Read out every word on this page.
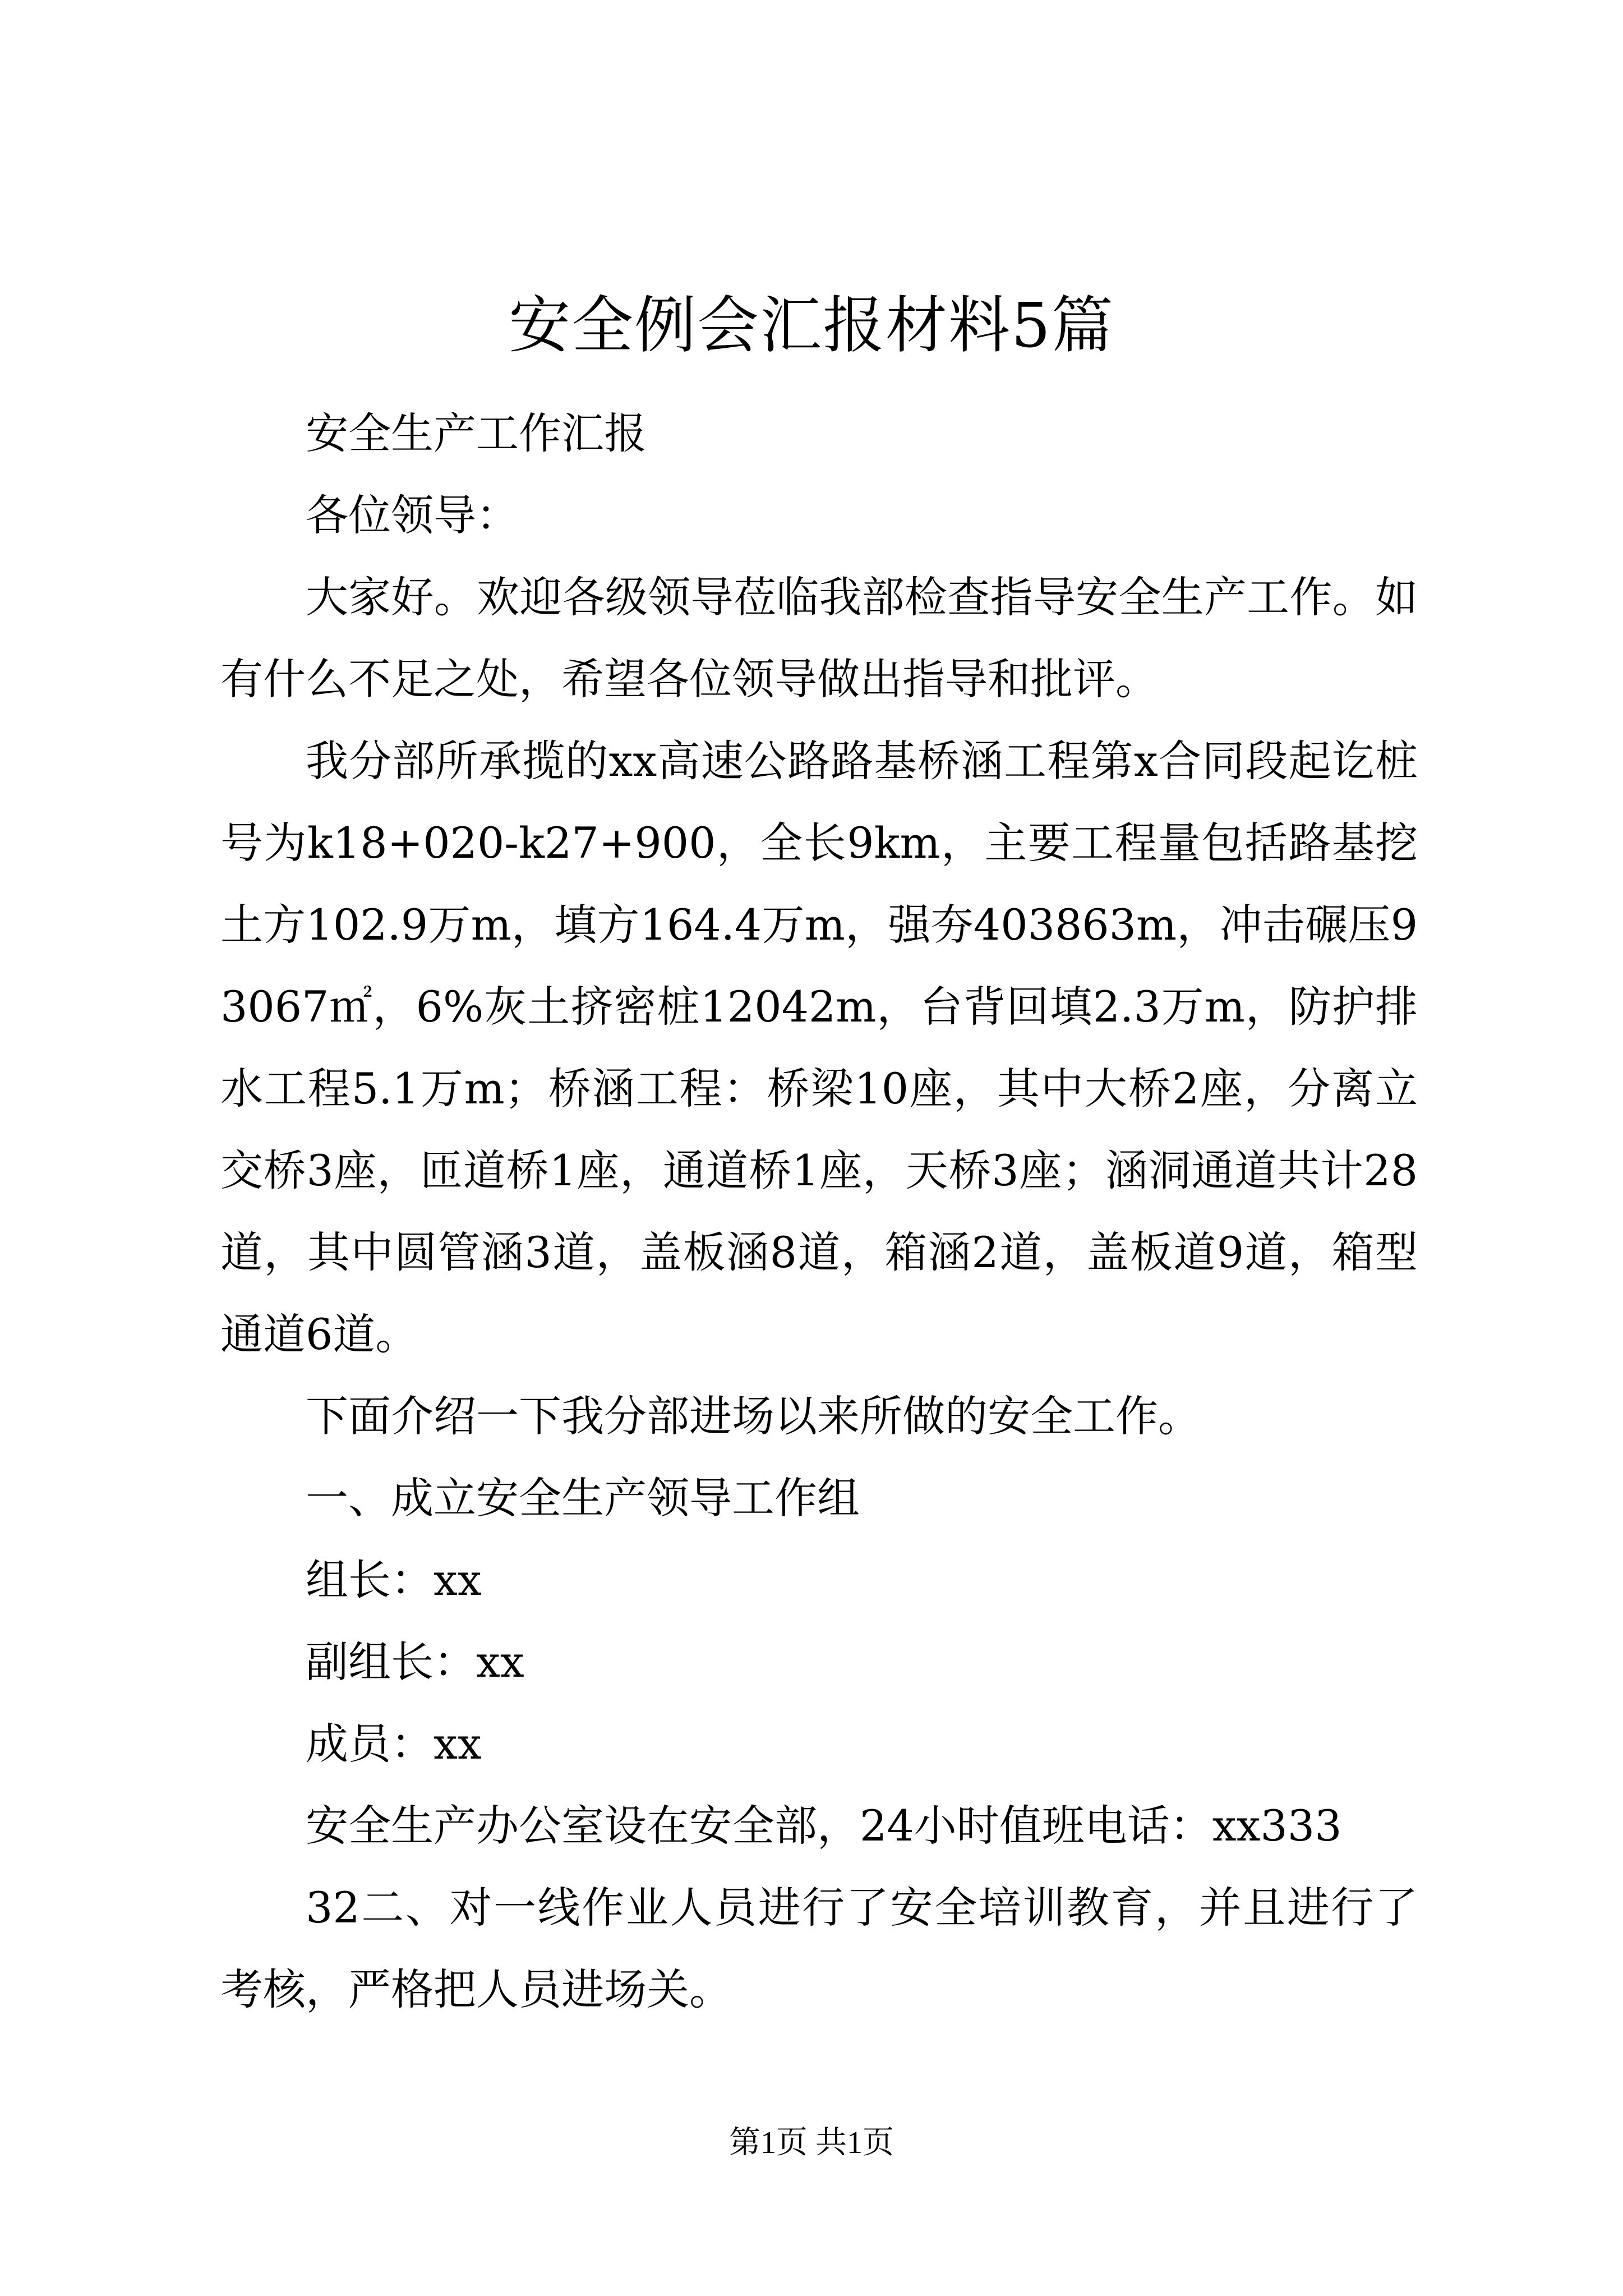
安全例会汇报材料5篇

安全生产工作汇报

各位领导：

大家好。欢迎各级领导莅临我部检查指导安全生产工作。如有什么不足之处，希望各位领导做出指导和批评。

我分部所承揽的xx高速公路路基桥涵工程第x合同段起讫桩号为k18+020-k27+900，全长9km，主要工程量包括路基挖土方102.9万m，填方164.4万m，强夯403863m，冲击碾压93067㎡，6%灰土挤密桩12042m，台背回填2.3万m，防护排水工程5.1万m；桥涵工程：桥梁10座，其中大桥2座，分离立交桥3座，匝道桥1座，通道桥1座，天桥3座；涵洞通道共计28道，其中圆管涵3道，盖板涵8道，箱涵2道，盖板道9道，箱型通道6道。

下面介绍一下我分部进场以来所做的安全工作。

一、成立安全生产领导工作组

组长：xx

副组长：xx

成员：xx

安全生产办公室设在安全部，24小时值班电话：xx333

32二、对一线作业人员进行了安全培训教育，并且进行了考核，严格把人员进场关。

第1页 共1页
